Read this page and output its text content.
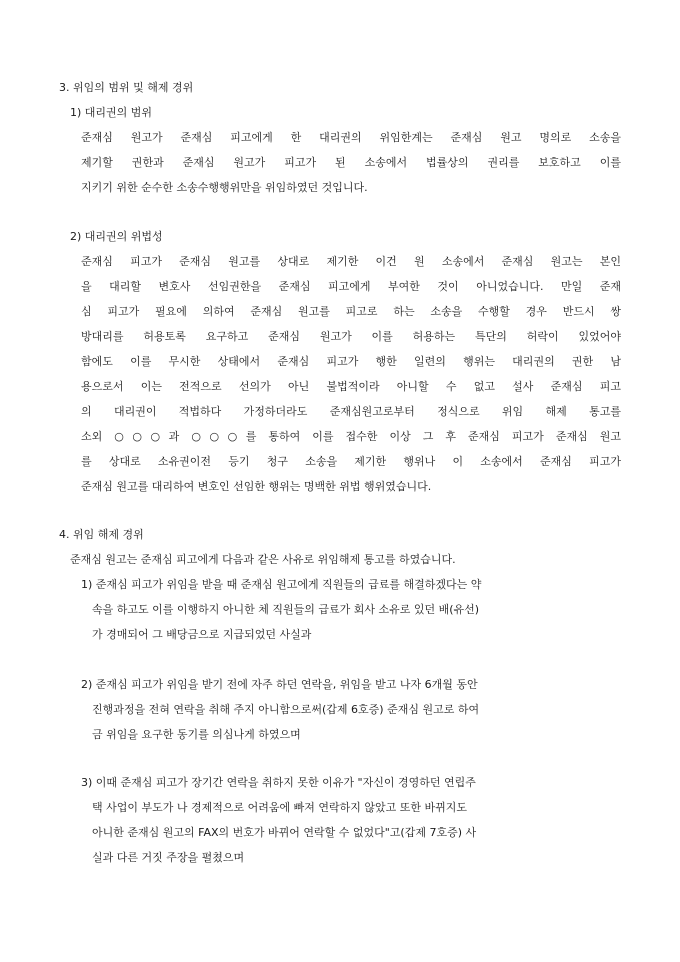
3. 위임의 범위 및 해제 경위
1) 대리권의 범위
준재심 원고가 준재심 피고에게 한 대리권의 위임한계는 준재심 원고 명의로 소송을
제기할 권한과 준재심 원고가 피고가 된 소송에서 법률상의 권리를 보호하고 이를
지키기 위한 순수한 소송수행행위만을 위임하였던 것입니다.
2) 대리권의 위법성
준재심 피고가 준재심 원고를 상대로 제기한 이건 원 소송에서 준재심 원고는 본인
을 대리할 변호사 선임권한을 준재심 피고에게 부여한 것이 아니었습니다. 만일 준재
심 피고가 필요에 의하여 준재심 원고를 피고로 하는 소송을 수행할 경우 반드시 쌍
방대리를 허용토록 요구하고 준재심 원고가 이를 허용하는 특단의 허락이 있었어야
함에도 이를 무시한 상태에서 준재심 피고가 행한 일련의 행위는 대리권의 권한 남
용으로서 이는 전적으로 선의가 아닌 불법적이라 아니할 수 없고 설사 준재심 피고
의 대리권이 적법하다 가정하더라도 준재심원고로부터 정식으로 위임 해제 통고를
소외 ○○○과 ○○○를 통하여 이를 접수한 이상 그 후 준재심 피고가 준재심 원고
를 상대로 소유권이전 등기 청구 소송을 제기한 행위나 이 소송에서 준재심 피고가
준재심 원고를 대리하여 변호인 선임한 행위는 명백한 위법 행위였습니다.
4. 위임 해제 경위
준재심 원고는 준재심 피고에게 다음과 같은 사유로 위임해제 통고를 하였습니다.
1) 준재심 피고가 위임을 받을 때 준재심 원고에게 직원들의 급료를 해결하겠다는 약
속을 하고도 이를 이행하지 아니한 체 직원들의 급료가 회사 소유로 있던 배(유선)
가 경매되어 그 배당금으로 지급되었던 사실과
2) 준재심 피고가 위임을 받기 전에 자주 하던 연락을, 위임을 받고 나자 6개월 동안
진행과정을 전혀 연락을 취해 주지 아니함으로써(갑제 6호증) 준재심 원고로 하여
금 위임을 요구한 동기를 의심나게 하였으며
3) 이때 준재심 피고가 장기간 연락을 취하지 못한 이유가 "자신이 경영하던 연립주
택 사업이 부도가 나 경제적으로 어려움에 빠져 연락하지 않았고 또한 바뀌지도
아니한 준재심 원고의 FAX의 번호가 바뀌어 연락할 수 없었다"고(갑제 7호증) 사
실과 다른 거짓 주장을 펼쳤으며
